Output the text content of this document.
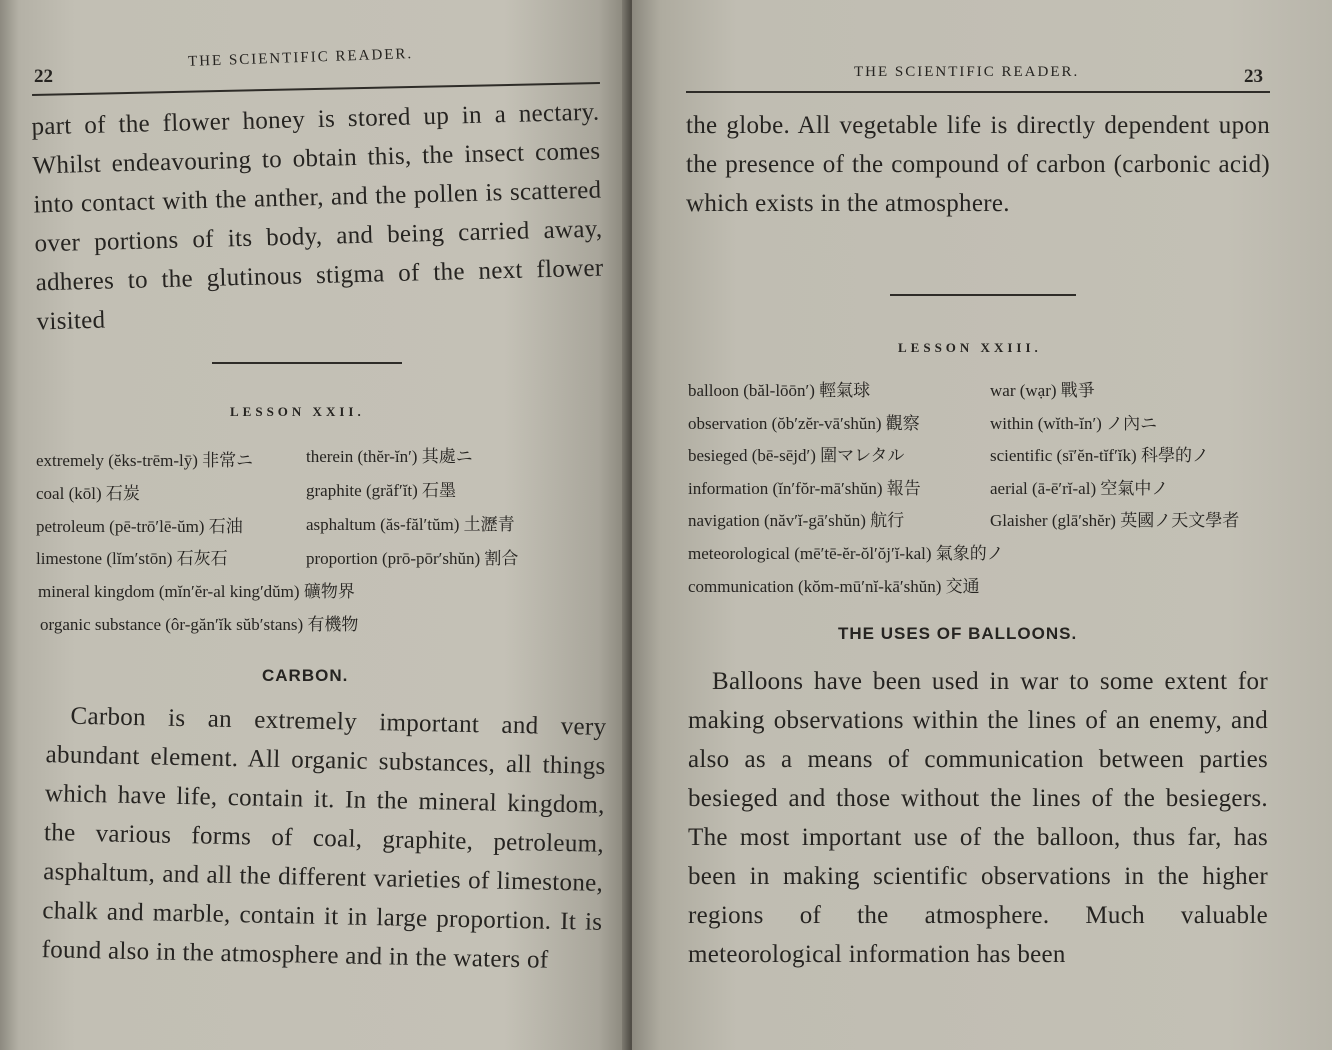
22
THE SCIENTIFIC READER.

part of the flower honey is stored up in a nectary. Whilst endeavouring to obtain this, the insect comes into contact with the anther, and the pollen is scattered over portions of its body, and being carried away, adheres to the glutinous stigma of the next flower visited

LESSON XXII.
extremely (ĕks-trēm-lȳ) 非常ニ	therein (thĕr-ĭn′) 其處ニ
coal (kōl) 石炭	graphite (grăf′ĭt) 石墨
petroleum (pē-trō′lē-ŭm) 石油	asphaltum (ăs-făl′tŭm) 土瀝青
limestone (lĭm′stōn) 石灰石	proportion (prō-pōr′shŭn) 割合
mineral kingdom (mĭn′ĕr-al king′dŭm) 礦物界
organic substance (ôr-găn′ĭk sŭb′stans) 有機物
CARBON.

Carbon is an extremely important and very abundant element. All organic substances, all things which have life, contain it. In the mineral kingdom, the various forms of coal, graphite, petroleum, asphaltum, and all the different varieties of limestone, chalk and marble, contain it in large proportion. It is found also in the atmosphere and in the waters of

THE SCIENTIFIC READER.	23

the globe. All vegetable life is directly dependent upon the presence of the compound of carbon (carbonic acid) which exists in the atmosphere.

LESSON XXIII.
balloon (băl-lōōn′) 輕氣球	war (wạr) 戰爭
observation (ŏb′zĕr-vā′shŭn) 觀察	within (wĭth-ĭn′) ノ內ニ
besieged (bē-sējd′) 圍マレタル	scientific (sī′ĕn-tĭf′ĭk) 科學的ノ
information (ĭn′fŏr-mā′shŭn) 報告	aerial (ā-ē′rĭ-al) 空氣中ノ
navigation (năv′ĭ-gā′shŭn) 航行	Glaisher (glā′shĕr) 英國ノ天文學者
meteorological (mē′tē-ĕr-ŏl′ŏj′ĭ-kal) 氣象的ノ
communication (kŏm-mū′nĭ-kā′shŭn) 交通
THE USES OF BALLOONS.

Balloons have been used in war to some extent for making observations within the lines of an enemy, and also as a means of communication between parties besieged and those without the lines of the besiegers. The most important use of the balloon, thus far, has been in making scientific observations in the higher regions of the atmosphere. Much valuable meteorological information has been
